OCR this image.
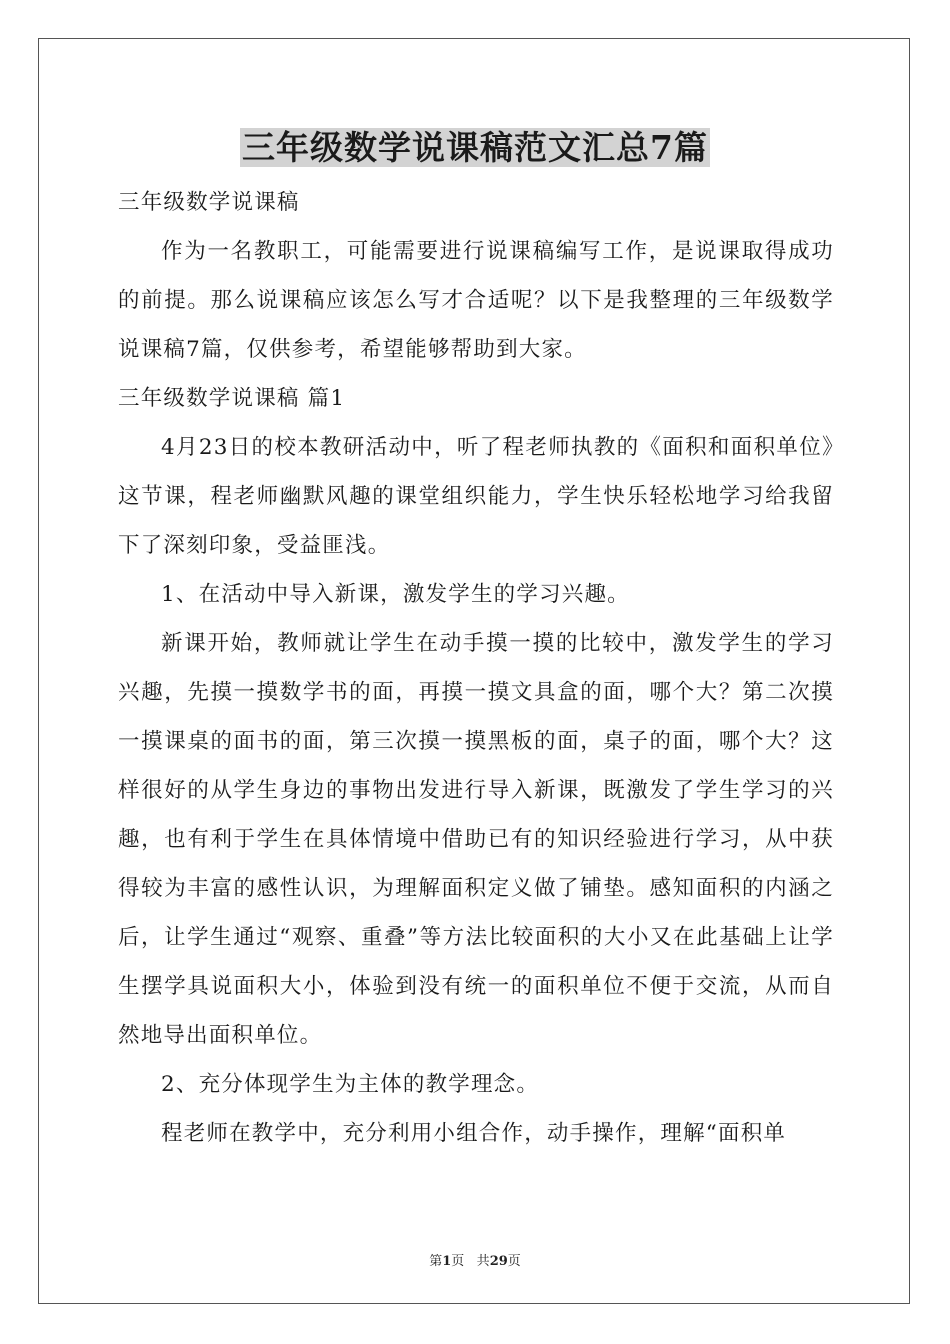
三年级数学说课稿范文汇总7篇

三年级数学说课稿

作为一名教职工，可能需要进行说课稿编写工作，是说课取得成功的前提。那么说课稿应该怎么写才合适呢？以下是我整理的三年级数学说课稿7篇，仅供参考，希望能够帮助到大家。

三年级数学说课稿 篇1

4月23日的校本教研活动中，听了程老师执教的《面积和面积单位》这节课，程老师幽默风趣的课堂组织能力，学生快乐轻松地学习给我留下了深刻印象，受益匪浅。

1、在活动中导入新课，激发学生的学习兴趣。

新课开始，教师就让学生在动手摸一摸的比较中，激发学生的学习兴趣，先摸一摸数学书的面，再摸一摸文具盒的面，哪个大？第二次摸一摸课桌的面书的面，第三次摸一摸黑板的面，桌子的面，哪个大？这样很好的从学生身边的事物出发进行导入新课，既激发了学生学习的兴趣，也有利于学生在具体情境中借助已有的知识经验进行学习，从中获得较为丰富的感性认识，为理解面积定义做了铺垫。感知面积的内涵之后，让学生通过“观察、重叠”等方法比较面积的大小又在此基础上让学生摆学具说面积大小，体验到没有统一的面积单位不便于交流，从而自然地导出面积单位。

2、充分体现学生为主体的教学理念。

程老师在教学中，充分利用小组合作，动手操作，理解“面积单

第1页 共29页
